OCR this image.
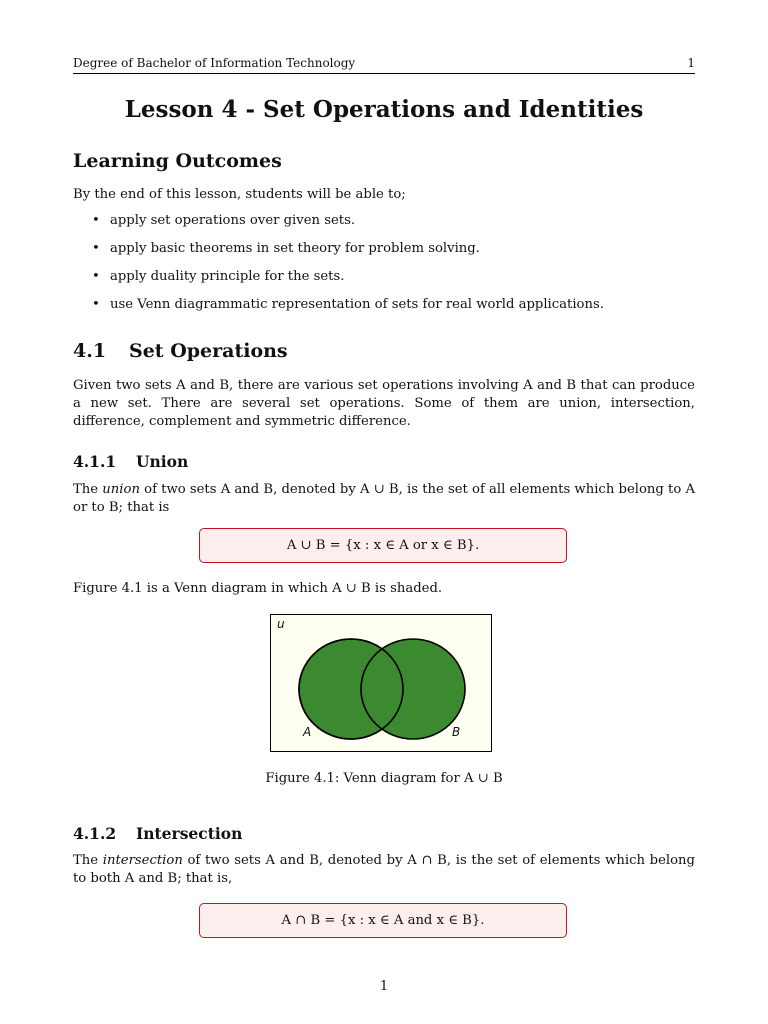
Degree of Bachelor of Information Technology	1
Lesson 4 - Set Operations and Identities
Learning Outcomes

By the end of this lesson, students will be able to;

• apply set operations over given sets.
• apply basic theorems in set theory for problem solving.
• apply duality principle for the sets.
• use Venn diagrammatic representation of sets for real world applications.
4.1 Set Operations

Given two sets A and B, there are various set operations involving A and B that can produce a new set. There are several set operations. Some of them are union, intersection, difference, complement and symmetric difference.

4.1.1 Union

The union of two sets A and B, denoted by A ∪ B, is the set of all elements which belong to A or to B; that is

A ∪ B = {x : x ∈ A or x ∈ B}.

Figure 4.1 is a Venn diagram in which A ∪ B is shaded.

u
A	B
Figure 4.1: Venn diagram for A ∪ B
4.1.2 Intersection

The intersection of two sets A and B, denoted by A ∩ B, is the set of elements which belong to both A and B; that is,

A ∩ B = {x : x ∈ A and x ∈ B}.
1
